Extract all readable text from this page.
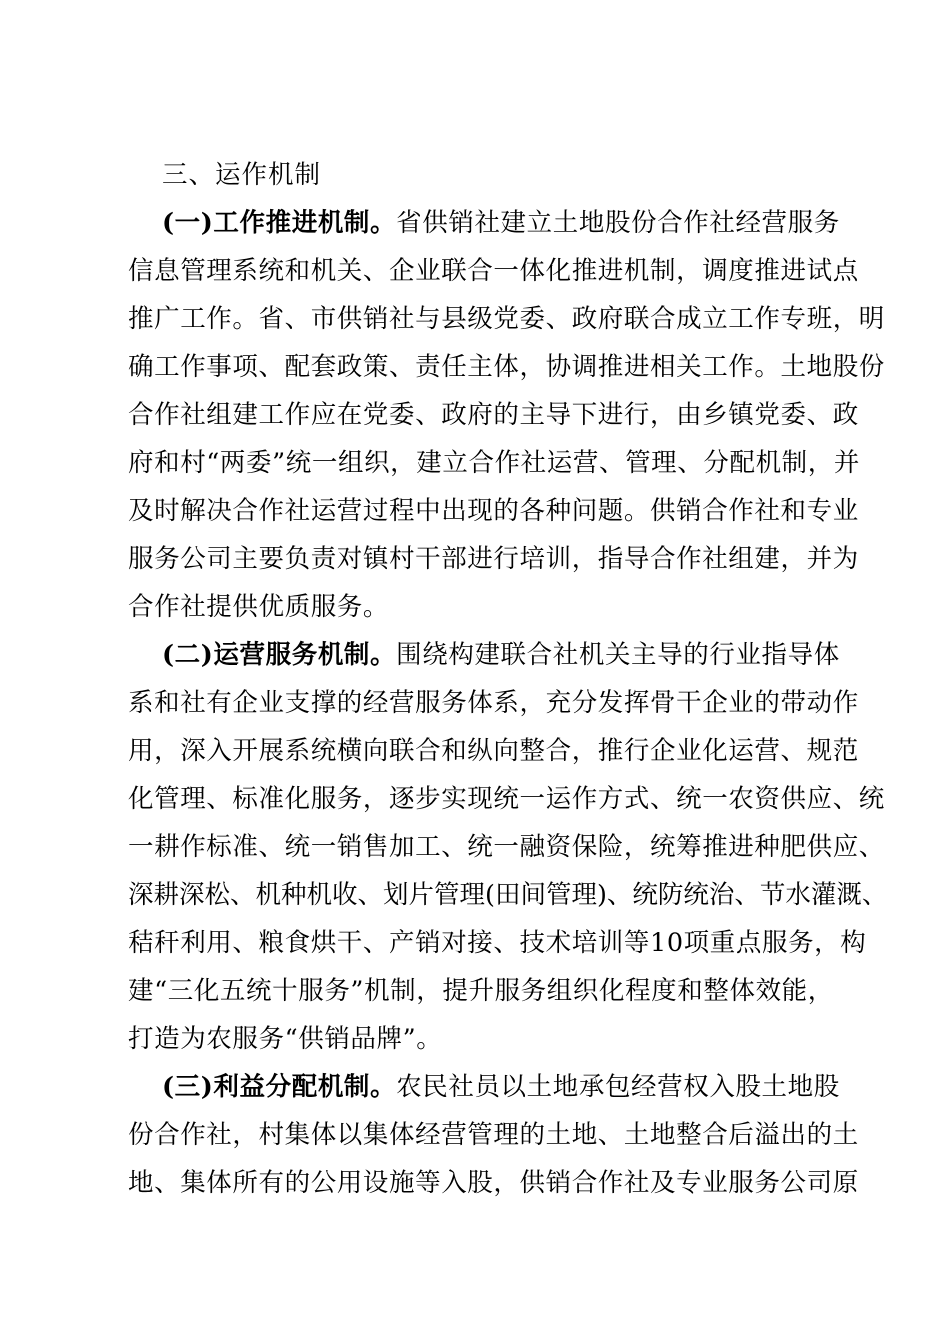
三、运作机制
(一)工作推进机制。省供销社建立土地股份合作社经营服务
信息管理系统和机关、企业联合一体化推进机制，调度推进试点
推广工作。省、市供销社与县级党委、政府联合成立工作专班，明
确工作事项、配套政策、责任主体，协调推进相关工作。土地股份
合作社组建工作应在党委、政府的主导下进行，由乡镇党委、政
府和村“两委”统一组织，建立合作社运营、管理、分配机制，并
及时解决合作社运营过程中出现的各种问题。供销合作社和专业
服务公司主要负责对镇村干部进行培训，指导合作社组建，并为
合作社提供优质服务。
(二)运营服务机制。围绕构建联合社机关主导的行业指导体
系和社有企业支撑的经营服务体系，充分发挥骨干企业的带动作
用，深入开展系统横向联合和纵向整合，推行企业化运营、规范
化管理、标准化服务，逐步实现统一运作方式、统一农资供应、统
一耕作标准、统一销售加工、统一融资保险，统筹推进种肥供应、
深耕深松、机种机收、划片管理(田间管理)、统防统治、节水灌溉、
秸秆利用、粮食烘干、产销对接、技术培训等10项重点服务，构
建“三化五统十服务”机制，提升服务组织化程度和整体效能，
打造为农服务“供销品牌”。
(三)利益分配机制。农民社员以土地承包经营权入股土地股
份合作社，村集体以集体经营管理的土地、土地整合后溢出的土
地、集体所有的公用设施等入股，供销合作社及专业服务公司原
